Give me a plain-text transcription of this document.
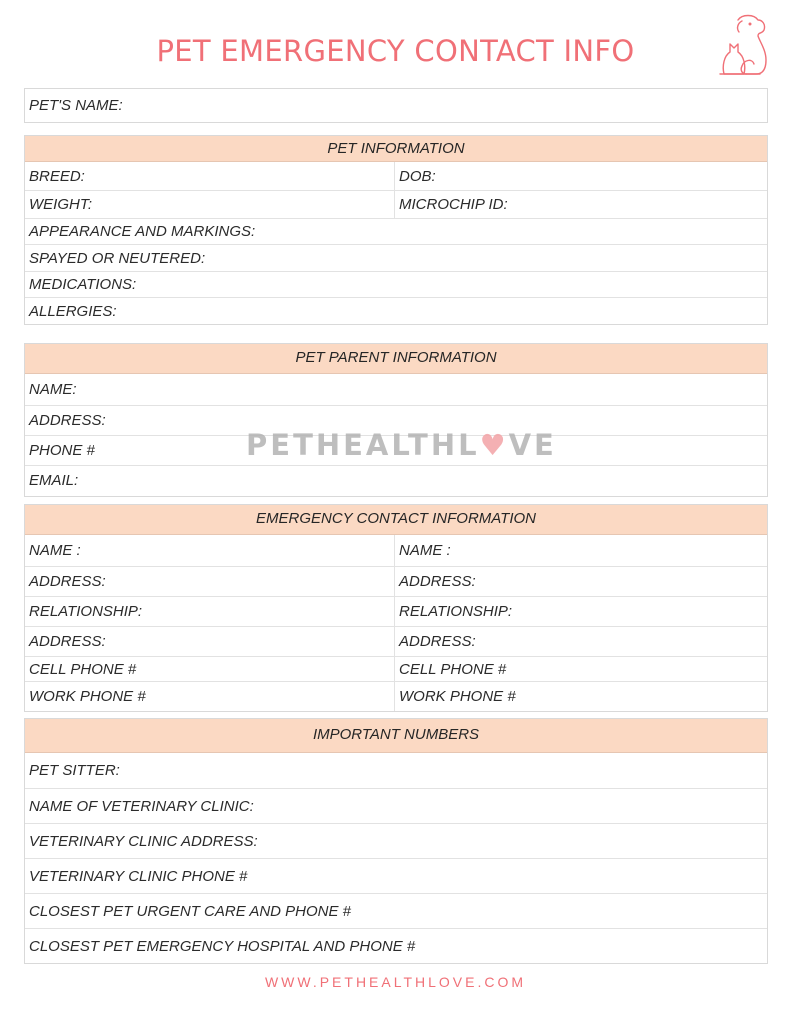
PET EMERGENCY CONTACT INFO
PET'S NAME:
PET INFORMATION
BREED:	DOB:
WEIGHT:	MICROCHIP ID:
APPEARANCE AND MARKINGS:
SPAYED OR NEUTERED:
MEDICATIONS:
ALLERGIES:
PET PARENT INFORMATION
NAME:
ADDRESS:
PHONE #
EMAIL:
PETHEALTHL ♥ VE
EMERGENCY CONTACT INFORMATION
NAME :	NAME :
ADDRESS:	ADDRESS:
RELATIONSHIP:	RELATIONSHIP:
ADDRESS:	ADDRESS:
CELL PHONE #	CELL PHONE #
WORK PHONE #	WORK PHONE #
IMPORTANT NUMBERS
PET SITTER:
NAME OF VETERINARY CLINIC:
VETERINARY CLINIC ADDRESS:
VETERINARY CLINIC PHONE #
CLOSEST PET URGENT CARE AND PHONE #
CLOSEST PET EMERGENCY HOSPITAL AND PHONE #
WWW.PETHEALTHLOVE.COM
